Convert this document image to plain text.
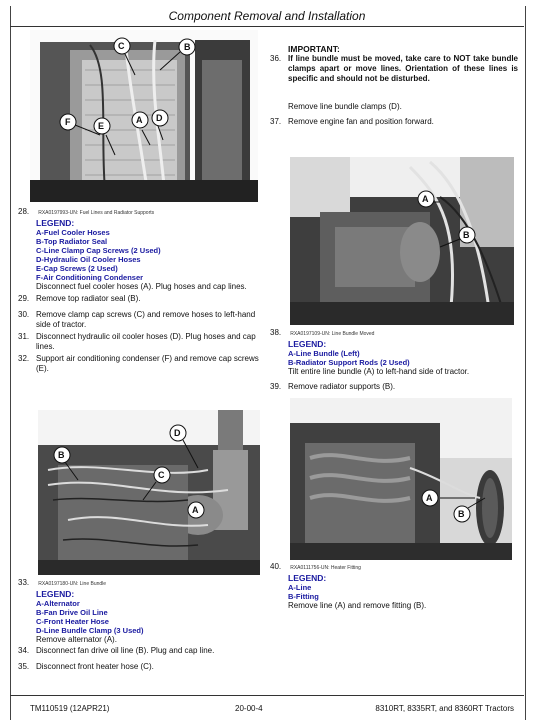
Component Removal and Installation
B
C
F	A D
E
28. RXA0197993-UN: Fuel Lines and Radiator Supports
LEGEND:
A-Fuel Cooler Hoses
B-Top Radiator Seal
C-Line Clamp Cap Screws (2 Used)
D-Hydraulic Oil Cooler Hoses
E-Cap Screws (2 Used)
F-Air Conditioning Condenser
Disconnect fuel cooler hoses (A). Plug hoses and cap lines.
29. Remove top radiator seal (B).
30. Remove clamp cap screws (C) and remove hoses to left-hand side of tractor.
31. Disconnect hydraulic oil cooler hoses (D). Plug hoses and cap lines.
32. Support air conditioning condenser (F) and remove cap screws (E).
D
B
C
A
33. RXA0197180-UN: Line Bundle
LEGEND:
A-Alternator
B-Fan Drive Oil Line
C-Front Heater Hose
D-Line Bundle Clamp (3 Used)
Remove alternator (A).
34. Disconnect fan drive oil line (B). Plug and cap line.
35. Disconnect front heater hose (C).
IMPORTANT:
36. If line bundle must be moved, take care to NOT take bundle clamps apart or move lines. Orientation of these lines is specific and should not be disturbed.
Remove line bundle clamps (D).
37. Remove engine fan and position forward.
A
B
38. RXA0197109-UN: Line Bundle Moved
LEGEND:
A-Line Bundle (Left)
B-Radiator Support Rods (2 Used)
Tilt entire line bundle (A) to left-hand side of tractor.
39. Remove radiator supports (B).
A
B
40. RXA0111756-UN: Heater Fitting
LEGEND:
A-Line
B-Fitting
Remove line (A) and remove fitting (B).
TM110519 (12APR21)	20-00-4	8310RT, 8335RT, and 8360RT Tractors
